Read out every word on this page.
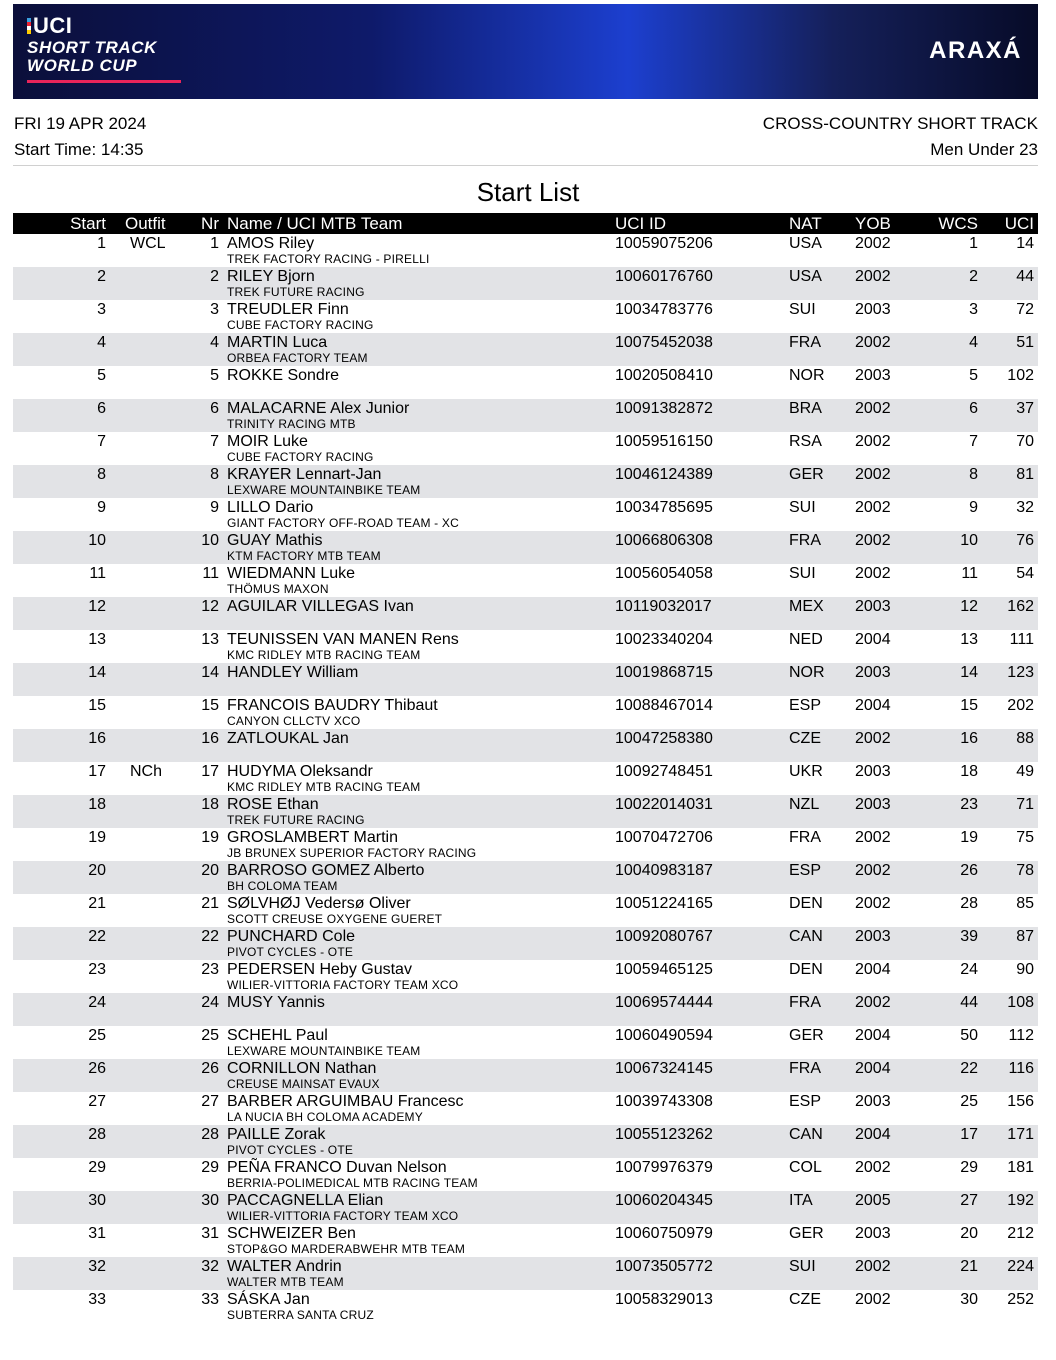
UCI
SHORT TRACK
WORLD CUP
ARAXÁ
FRI 19 APR 2024
Start Time: 14:35
CROSS-COUNTRY SHORT TRACK
Men Under 23
Start List
Start Outfit Nr Name / UCI MTB Team	UCI ID	NAT YOB	WCS UCI
1 WCL	1 AMOS Riley
TREK FACTORY RACING - PIRELLI
10059075206	USA 2002	1 14
2	2 RILEY Bjorn
TREK FUTURE RACING
10060176760	USA 2002	2 44
3	3 TREUDLER Finn
CUBE FACTORY RACING
10034783776	SUI 2003	3 72
4	4 MARTIN Luca
ORBEA FACTORY TEAM
10075452038	FRA 2002	4 51
5	5 ROKKE Sondre	10020508410	NOR 2003	5 102
6	6 MALACARNE Alex Junior
TRINITY RACING MTB
10091382872	BRA 2002	6 37
7	7 MOIR Luke
CUBE FACTORY RACING
10059516150	RSA 2002	7 70
8	8 KRAYER Lennart-Jan
LEXWARE MOUNTAINBIKE TEAM
10046124389	GER 2002	8 81
9	9 LILLO Dario
GIANT FACTORY OFF-ROAD TEAM - XC
10034785695	SUI 2002	9 32
10	10 GUAY Mathis
KTM FACTORY MTB TEAM
10066806308	FRA 2002	10 76
11	11 WIEDMANN Luke
THÖMUS MAXON
10056054058	SUI 2002	11 54
12	12 AGUILAR VILLEGAS Ivan	10119032017	MEX 2003	12 162
13	13 TEUNISSEN VAN MANEN Rens
KMC RIDLEY MTB RACING TEAM
10023340204	NED 2004	13 111
14	14 HANDLEY William	10019868715	NOR 2003	14 123
15	15 FRANCOIS BAUDRY Thibaut
CANYON CLLCTV XCO
10088467014	ESP 2004	15 202
16	16 ZATLOUKAL Jan	10047258380	CZE 2002	16 88
17 NCh 17 HUDYMA Oleksandr
KMC RIDLEY MTB RACING TEAM
10092748451	UKR 2003	18 49
18	18 ROSE Ethan
TREK FUTURE RACING
10022014031	NZL 2003	23 71
19	19 GROSLAMBERT Martin
JB BRUNEX SUPERIOR FACTORY RACING
10070472706	FRA 2002	19 75
20	20 BARROSO GOMEZ Alberto
BH COLOMA TEAM
10040983187	ESP 2002	26 78
21	21 SØLVHØJ Vedersø Oliver
SCOTT CREUSE OXYGENE GUERET
10051224165	DEN 2002	28 85
22	22 PUNCHARD Cole
PIVOT CYCLES - OTE
10092080767	CAN 2003	39 87
23	23 PEDERSEN Heby Gustav
WILIER-VITTORIA FACTORY TEAM XCO
10059465125	DEN 2004	24 90
24	24 MUSY Yannis	10069574444	FRA 2002	44 108
25	25 SCHEHL Paul
LEXWARE MOUNTAINBIKE TEAM
10060490594	GER 2004	50 112
26	26 CORNILLON Nathan
CREUSE MAINSAT EVAUX
10067324145	FRA 2004	22 116
27	27 BARBER ARGUIMBAU Francesc
LA NUCIA BH COLOMA ACADEMY
10039743308	ESP 2003	25 156
28	28 PAILLE Zorak
PIVOT CYCLES - OTE
10055123262	CAN 2004	17 171
29	29 PEÑA FRANCO Duvan Nelson
BERRIA-POLIMEDICAL MTB RACING TEAM
10079976379	COL 2002	29 181
30	30 PACCAGNELLA Elian
WILIER-VITTORIA FACTORY TEAM XCO
10060204345	ITA	2005	27 192
31	31 SCHWEIZER Ben
STOP&GO MARDERABWEHR MTB TEAM
10060750979	GER 2003	20 212
32	32 WALTER Andrin
WALTER MTB TEAM
10073505772	SUI 2002	21 224
33	33 SÁSKA Jan
SUBTERRA SANTA CRUZ
10058329013	CZE 2002	30 252
